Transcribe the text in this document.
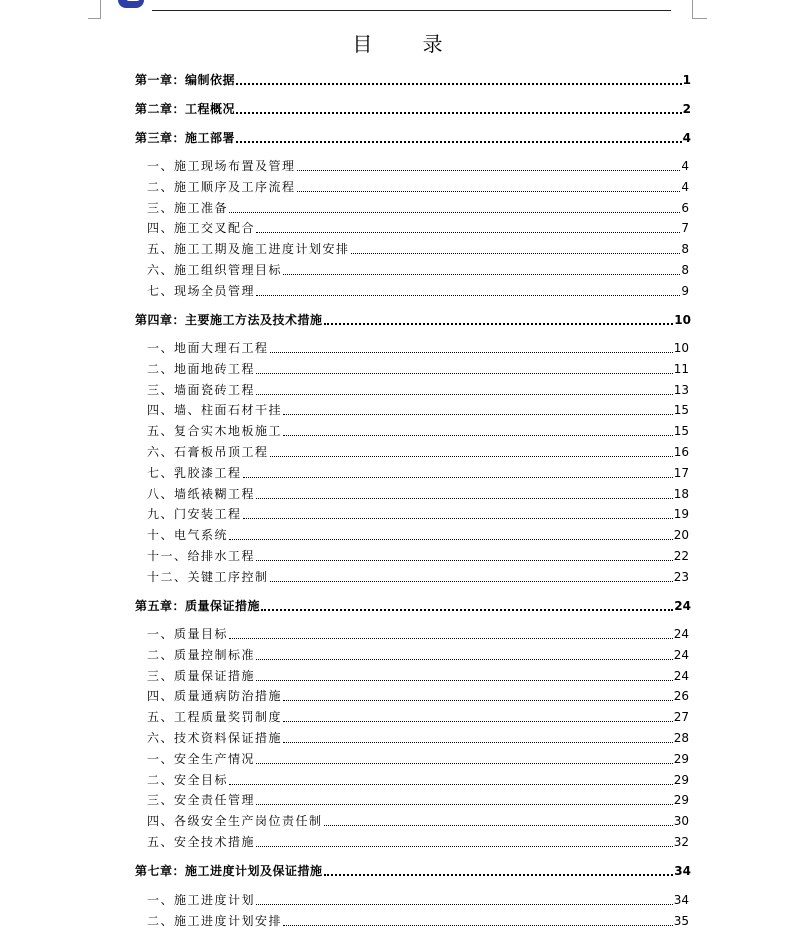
目 录
第一章：编制依据	1
第二章：工程概况	2
第三章：施工部署	4
一、施工现场布置及管理	4
二、施工顺序及工序流程	4
三、施工准备	6
四、施工交叉配合	7
五、施工工期及施工进度计划安排	8
六、施工组织管理目标	8
七、现场全员管理	9
第四章：主要施工方法及技术措施	10
一、地面大理石工程	10
二、地面地砖工程	11
三、墙面瓷砖工程	13
四、墙、柱面石材干挂	15
五、复合实木地板施工	15
六、石膏板吊顶工程	16
七、乳胶漆工程	17
八、墙纸裱糊工程	18
九、门安装工程	19
十、电气系统	20
十一、给排水工程	22
十二、关键工序控制	23
第五章：质量保证措施	24
一、质量目标	24
二、质量控制标准	24
三、质量保证措施	24
四、质量通病防治措施	26
五、工程质量奖罚制度	27
六、技术资料保证措施	28
一、安全生产情况	29
二、安全目标	29
三、安全责任管理	29
四、各级安全生产岗位责任制	30
五、安全技术措施	32
第七章：施工进度计划及保证措施	34
一、施工进度计划	34
二、施工进度计划安排	35
